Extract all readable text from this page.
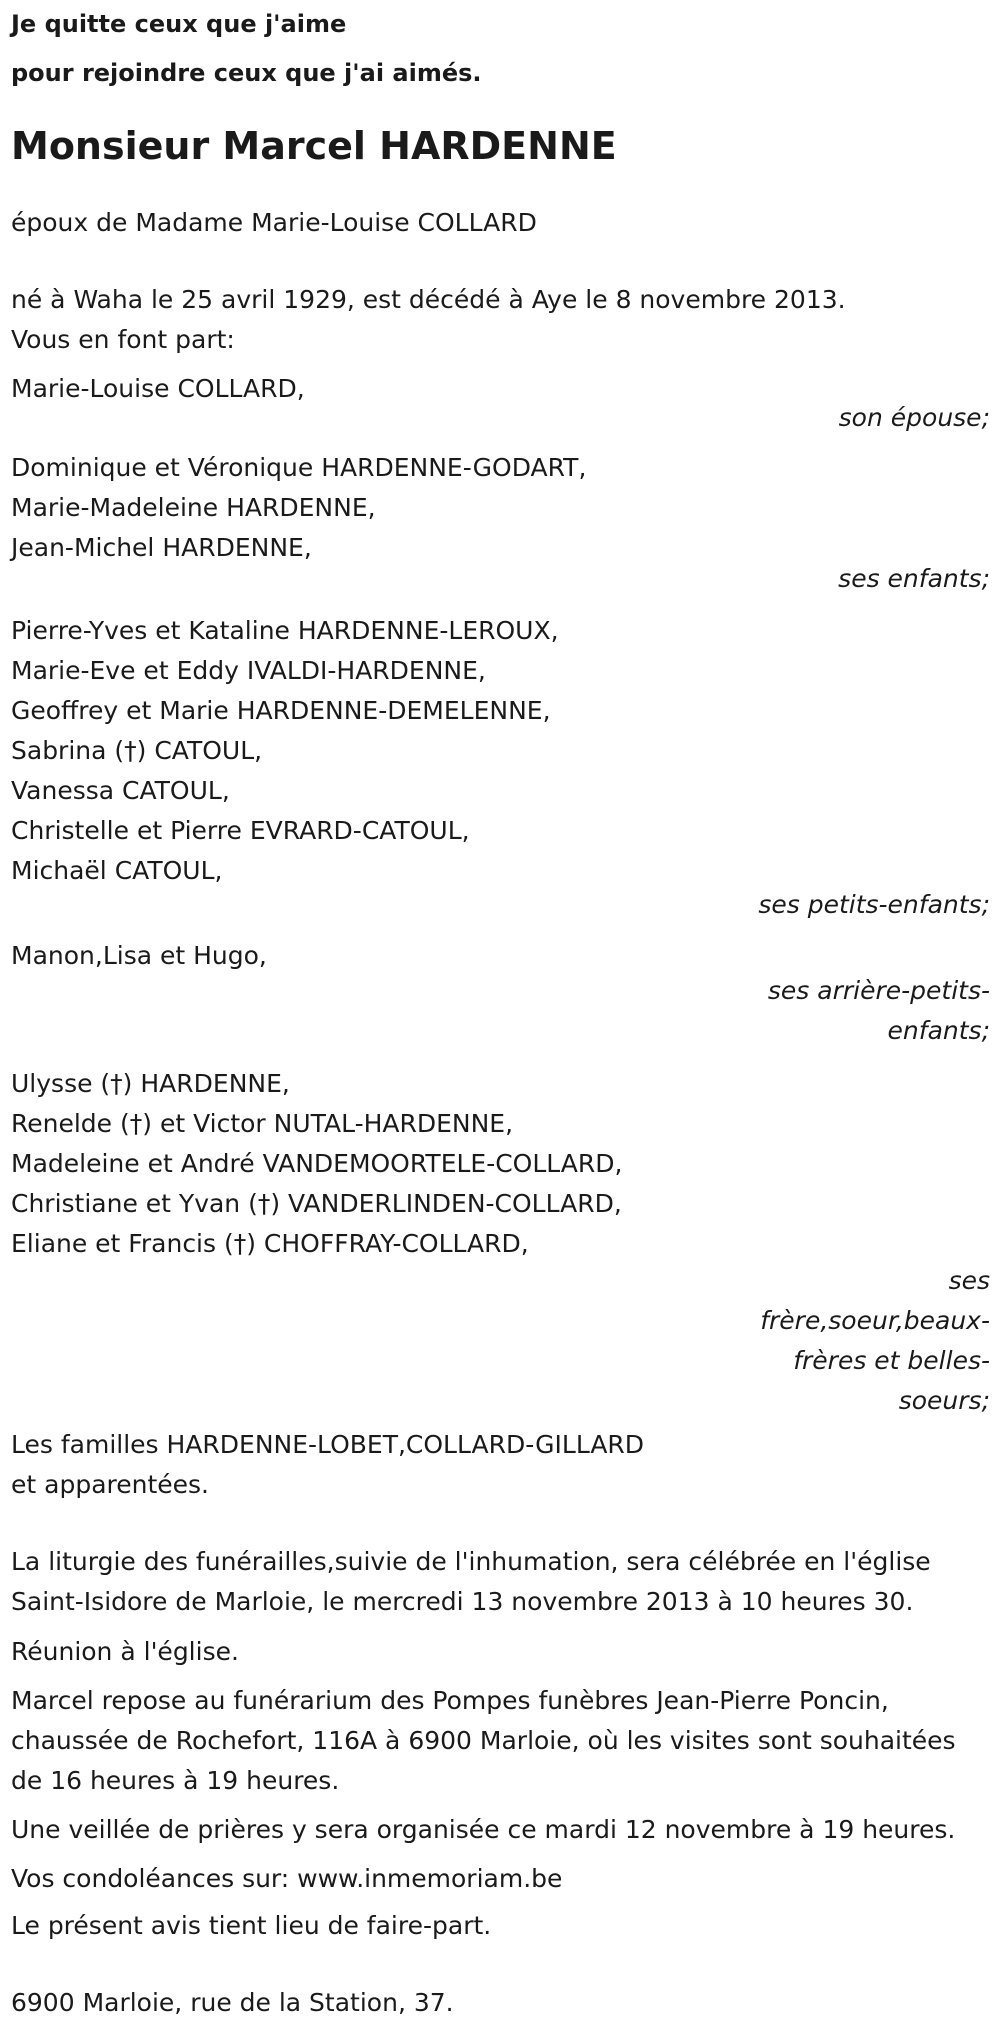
Je quitte ceux que j'aime

pour rejoindre ceux que j'ai aimés.

Monsieur Marcel HARDENNE

époux de Madame Marie-Louise COLLARD

né à Waha le 25 avril 1929, est décédé à Aye le 8 novembre 2013.

Vous en font part:

Marie-Louise COLLARD,

son épouse;

Dominique et Véronique HARDENNE-GODART,

Marie-Madeleine HARDENNE,

Jean-Michel HARDENNE,

ses enfants;

Pierre-Yves et Kataline HARDENNE-LEROUX,

Marie-Eve et Eddy IVALDI-HARDENNE,

Geoffrey et Marie HARDENNE-DEMELENNE,

Sabrina (†) CATOUL,

Vanessa CATOUL,

Christelle et Pierre EVRARD-CATOUL,

Michaël CATOUL,

ses petits-enfants;

Manon,Lisa et Hugo,

ses arrière-petits-

enfants;

Ulysse (†) HARDENNE,

Renelde (†) et Victor NUTAL-HARDENNE,

Madeleine et André VANDEMOORTELE-COLLARD,

Christiane et Yvan (†) VANDERLINDEN-COLLARD,

Eliane et Francis (†) CHOFFRAY-COLLARD,

ses

frère,soeur,beaux-

frères et belles-

soeurs;

Les familles HARDENNE-LOBET,COLLARD-GILLARD

et apparentées.

La liturgie des funérailles,suivie de l'inhumation, sera célébrée en l'église Saint-Isidore de Marloie, le mercredi 13 novembre 2013 à 10 heures 30.

Réunion à l'église.

Marcel repose au funérarium des Pompes funèbres Jean-Pierre Poncin, chaussée de Rochefort, 116A à 6900 Marloie, où les visites sont souhaitées de 16 heures à 19 heures.

Une veillée de prières y sera organisée ce mardi 12 novembre à 19 heures.

Vos condoléances sur: www.inmemoriam.be

Le présent avis tient lieu de faire-part.

6900 Marloie, rue de la Station, 37.
